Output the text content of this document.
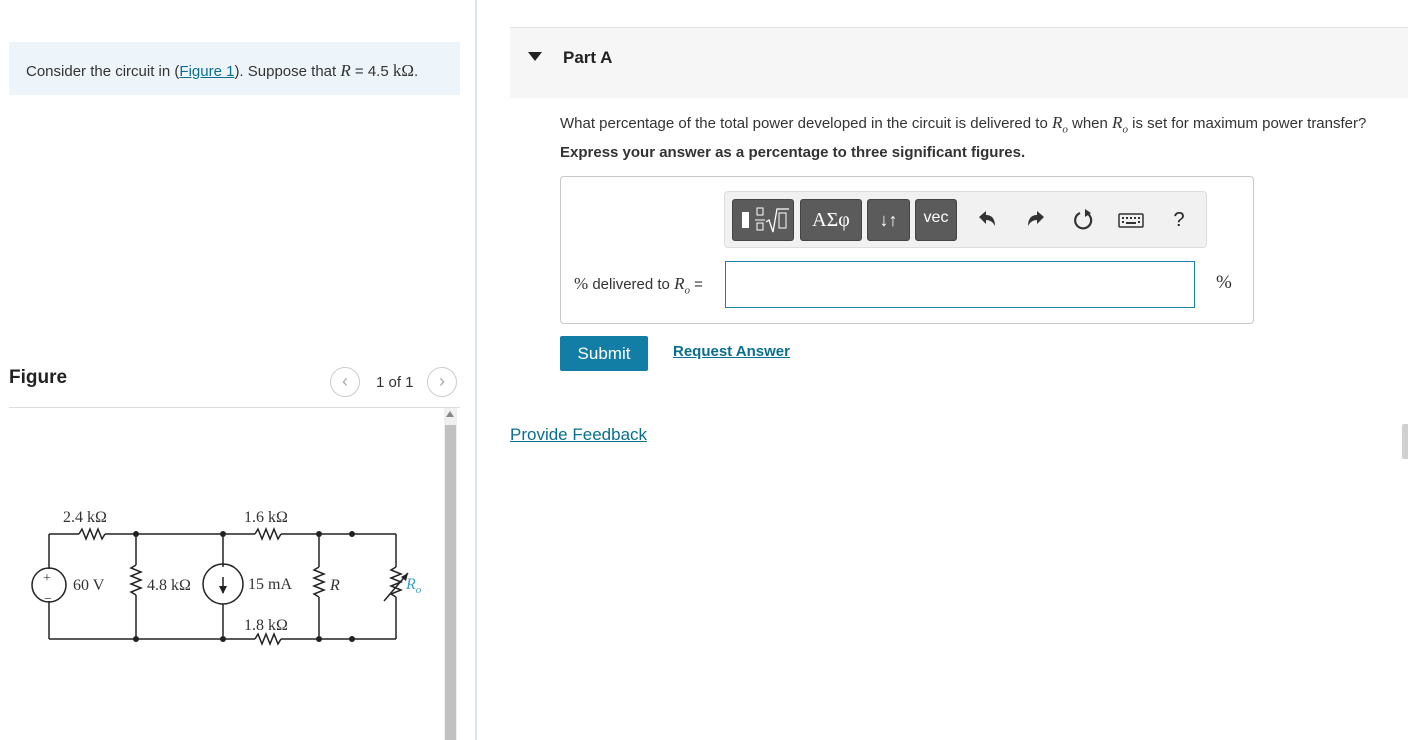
Consider the circuit in (Figure 1). Suppose that R = 4.5 kΩ.
Figure	‹	1 of 1	›
2.4 kΩ	1.6 kΩ
60 V	4.8 kΩ	15 mA R
1.8 kΩ
+
−
$R_o$
Part A
What percentage of the total power developed in the circuit is delivered to $R_o$ when $R_o$ is set for maximum power transfer?
Express your answer as a percentage to three significant figures.
ΑΣφ	↓↑	vec	?
% delivered to $R_o$ =	%
Submit	Request Answer
Provide Feedback
